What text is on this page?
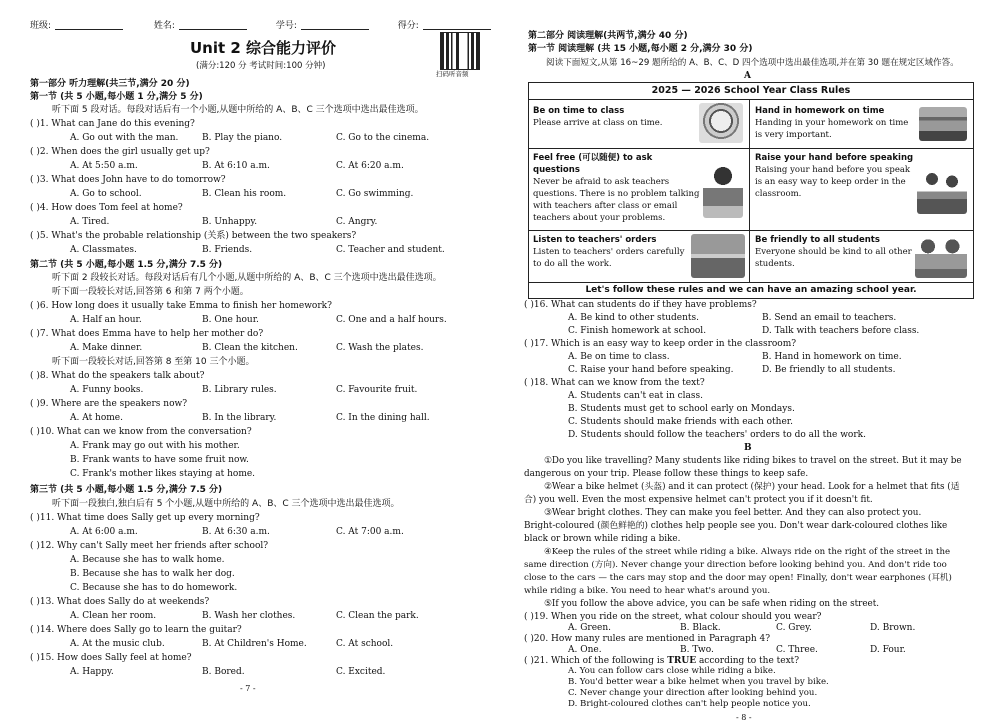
班级:	姓名:	学号:	得分:
Unit 2 综合能力评价
(满分:120 分 考试时间:100 分钟)
扫码听音频
第一部分 听力理解(共三节,满分 20 分)
第一节 (共 5 小题,每小题 1 分,满分 5 分)
听下面 5 段对话。每段对话后有一个小题,从题中所给的 A、B、C 三个选项中选出最佳选项。
( )1. What can Jane do this evening?
A. Go out with the man.	B. Play the piano.	C. Go to the cinema.
( )2. When does the girl usually get up?
A. At 5:50 a.m.	B. At 6:10 a.m.	C. At 6:20 a.m.
( )3. What does John have to do tomorrow?
A. Go to school.	B. Clean his room.	C. Go swimming.
( )4. How does Tom feel at home?
A. Tired.	B. Unhappy.	C. Angry.
( )5. What's the probable relationship (关系) between the two speakers?
A. Classmates.	B. Friends.	C. Teacher and student.
第二节 (共 5 小题,每小题 1.5 分,满分 7.5 分)
听下面 2 段较长对话。每段对话后有几个小题,从题中所给的 A、B、C 三个选项中选出最佳选项。
听下面一段较长对话,回答第 6 和第 7 两个小题。
( )6. How long does it usually take Emma to finish her homework?
A. Half an hour.	B. One hour.	C. One and a half hours.
( )7. What does Emma have to help her mother do?
A. Make dinner.	B. Clean the kitchen.	C. Wash the plates.
听下面一段较长对话,回答第 8 至第 10 三个小题。
( )8. What do the speakers talk about?
A. Funny books.	B. Library rules.	C. Favourite fruit.
( )9. Where are the speakers now?
A. At home.	B. In the library.	C. In the dining hall.
( )10. What can we know from the conversation?
A. Frank may go out with his mother.
B. Frank wants to have some fruit now.
C. Frank's mother likes staying at home.
第三节 (共 5 小题,每小题 1.5 分,满分 7.5 分)
听下面一段独白,独白后有 5 个小题,从题中所给的 A、B、C 三个选项中选出最佳选项。
( )11. What time does Sally get up every morning?
A. At 6:00 a.m.	B. At 6:30 a.m.	C. At 7:00 a.m.
( )12. Why can't Sally meet her friends after school?
A. Because she has to walk home.
B. Because she has to walk her dog.
C. Because she has to do homework.
( )13. What does Sally do at weekends?
A. Clean her room.	B. Wash her clothes.	C. Clean the park.
( )14. Where does Sally go to learn the guitar?
A. At the music club.	B. At Children's Home.	C. At school.
( )15. How does Sally feel at home?
A. Happy.	B. Bored.	C. Excited.
- 7 -
第二部分 阅读理解(共两节,满分 40 分)
第一节 阅读理解 (共 15 小题,每小题 2 分,满分 30 分)
阅读下面短文,从第 16~29 题所给的 A、B、C、D 四个选项中选出最佳选项,并在第 30 题在规定区域作答。
A
2025 — 2026 School Year Class Rules
Be on time to class
Please arrive at class on time.
Hand in homework on time
Handing in your homework on time is very important.
Feel free (可以随便) to ask questions
Never be afraid to ask teachers questions. There is no problem talking with teachers after class or email teachers about your problems.
Raise your hand before speaking
Raising your hand before you speak is an easy way to keep order in the classroom.
Listen to teachers' orders
Listen to teachers' orders carefully to do all the work.
Be friendly to all students
Everyone should be kind to all other students.
Let's follow these rules and we can have an amazing school year.
( )16. What can students do if they have problems?
A. Be kind to other students.	B. Send an email to teachers.
C. Finish homework at school.	D. Talk with teachers before class.
( )17. Which is an easy way to keep order in the classroom?
A. Be on time to class.	B. Hand in homework on time.
C. Raise your hand before speaking.	D. Be friendly to all students.
( )18. What can we know from the text?
A. Students can't eat in class.
B. Students must get to school early on Mondays.
C. Students should make friends with each other.
D. Students should follow the teachers' orders to do all the work.
B
①Do you like travelling? Many students like riding bikes to travel on the street. But it may be
dangerous on your trip. Please follow these things to keep safe.
②Wear a bike helmet (头盔) and it can protect (保护) your head. Look for a helmet that fits (适
合) you well. Even the most expensive helmet can't protect you if it doesn't fit.
③Wear bright clothes. They can make you feel better. And they can also protect you.
Bright-coloured (颜色鲜艳的) clothes help people see you. Don't wear dark-coloured clothes like
black or brown while riding a bike.
④Keep the rules of the street while riding a bike. Always ride on the right of the street in the
same direction (方向). Never change your direction before looking behind you. And don't ride too
close to the cars — the cars may stop and the door may open! Finally, don't wear earphones (耳机)
while riding a bike. You need to hear what's around you.
⑤If you follow the above advice, you can be safe when riding on the street.
( )19. When you ride on the street, what colour should you wear?
A. Green.	B. Black.	C. Grey.	D. Brown.
( )20. How many rules are mentioned in Paragraph 4?
A. One.	B. Two.	C. Three.	D. Four.
( )21. Which of the following is TRUE according to the text?
A. You can follow cars close while riding a bike.
B. You'd better wear a bike helmet when you travel by bike.
C. Never change your direction after looking behind you.
D. Bright-coloured clothes can't help people notice you.
- 8 -
